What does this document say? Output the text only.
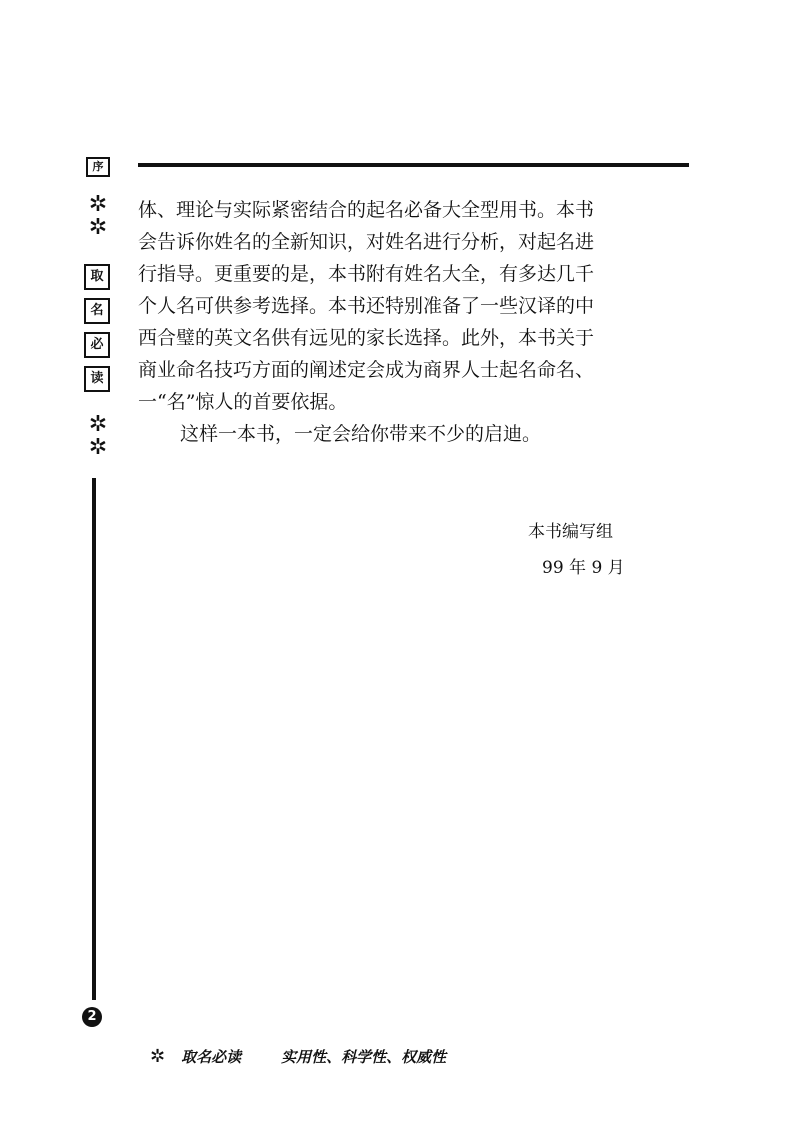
序
✲
✲
取
名
必
读
✲
✲
2

体、理论与实际紧密结合的起名必备大全型用书。本书

会告诉你姓名的全新知识，对姓名进行分析，对起名进

行指导。更重要的是，本书附有姓名大全，有多达几千

个人名可供参考选择。本书还特别准备了一些汉译的中

西合璧的英文名供有远见的家长选择。此外，本书关于

商业命名技巧方面的阐述定会成为商界人士起名命名、

一“名”惊人的首要依据。

这样一本书，一定会给你带来不少的启迪。

本书编写组
99 年 9 月
✲ 取名必读	实用性、科学性、权威性
